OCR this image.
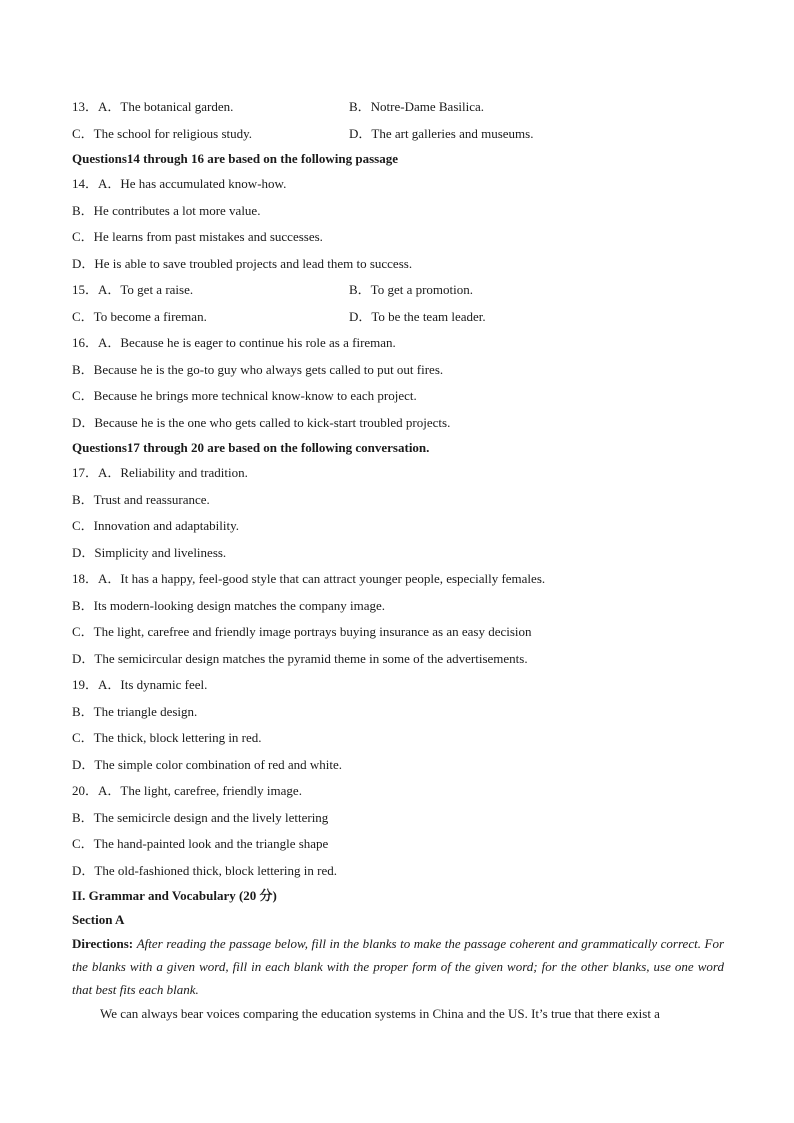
13．A．The botanical garden.	B．Notre-Dame Basilica.
C．The school for religious study.	D．The art galleries and museums.
Questions14 through 16 are based on the following passage
14．A．He has accumulated know-how.
B．He contributes a lot more value.
C．He learns from past mistakes and successes.
D．He is able to save troubled projects and lead them to success.
15．A．To get a raise.	B．To get a promotion.
C．To become a fireman.	D．To be the team leader.
16．A．Because he is eager to continue his role as a fireman.
B．Because he is the go-to guy who always gets called to put out fires.
C．Because he brings more technical know-know to each project.
D．Because he is the one who gets called to kick-start troubled projects.
Questions17 through 20 are based on the following conversation.
17．A．Reliability and tradition.
B．Trust and reassurance.
C．Innovation and adaptability.
D．Simplicity and liveliness.
18．A．It has a happy, feel-good style that can attract younger people, especially females.
B．Its modern-looking design matches the company image.
C．The light, carefree and friendly image portrays buying insurance as an easy decision
D．The semicircular design matches the pyramid theme in some of the advertisements.
19．A．Its dynamic feel.
B．The triangle design.
C．The thick, block lettering in red.
D．The simple color combination of red and white.
20．A．The light, carefree, friendly image.
B．The semicircle design and the lively lettering
C．The hand-painted look and the triangle shape
D．The old-fashioned thick, block lettering in red.
II. Grammar and Vocabulary (20 分)
Section A
Directions: After reading the passage below, fill in the blanks to make the passage coherent and grammatically correct. For the blanks with a given word, fill in each blank with the proper form of the given word; for the other blanks, use one word that best fits each blank.
We can always bear voices comparing the education systems in China and the US. It’s true that there exist a
